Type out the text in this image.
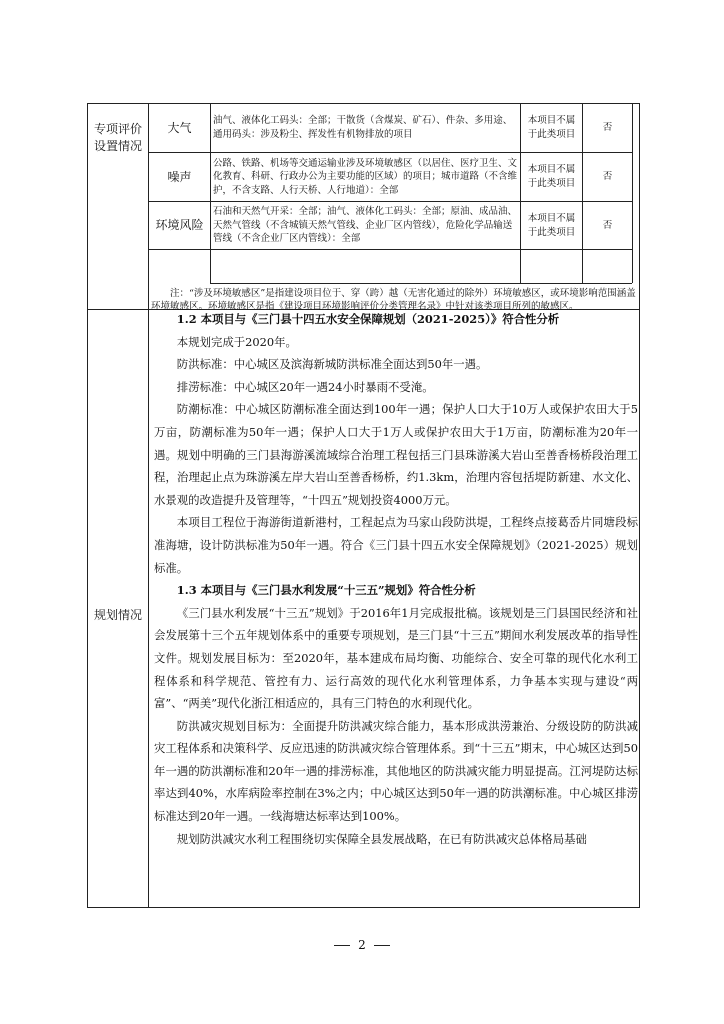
专项评价设置情况
规划情况
大气 油气、液体化工码头：全部；干散货（含煤炭、矿石）、件杂、多用途、通用码头：涉及粉尘、挥发性有机物排放的项目
本项目不属于此类项目
否
噪声
公路、铁路、机场等交通运输业涉及环境敏感区（以居住、医疗卫生、文化教育、科研、行政办公为主要功能的区域）的项目；城市道路（不含维护，不含支路、人行天桥、人行地道）：全部
本项目不属于此类项目
否
环境风险
石油和天然气开采：全部；油气、液体化工码头：全部；原油、成品油、天然气管线（不含城镇天然气管线、企业厂区内管线），危险化学品输送管线（不含企业厂区内管线）：全部
本项目不属于此类项目
否
注：“涉及环境敏感区”是指建设项目位于、穿（跨）越（无害化通过的除外）环境敏感区，或环境影响范围涵盖环境敏感区。环境敏感区是指《建设项目环境影响评价分类管理名录》中针对该类项目所列的敏感区。

1.2 本项目与《三门县十四五水安全保障规划（2021-2025）》符合性分析

本规划完成于2020年。

防洪标准：中心城区及滨海新城防洪标准全面达到50年一遇。

排涝标准：中心城区20年一遇24小时暴雨不受淹。

防潮标准：中心城区防潮标准全面达到100年一遇；保护人口大于10万人或保护农田大于5万亩，防潮标准为50年一遇；保护人口大于1万人或保护农田大于1万亩，防潮标准为20年一遇。规划中明确的三门县海游溪流域综合治理工程包括三门县珠游溪大岩山至善香杨桥段治理工程，治理起止点为珠游溪左岸大岩山至善香杨桥，约1.3km，治理内容包括堤防新建、水文化、水景观的改造提升及管理等，“十四五”规划投资4000万元。

本项目工程位于海游街道新港村，工程起点为马家山段防洪堤，工程终点接葛岙片同塘段标准海塘，设计防洪标准为50年一遇。符合《三门县十四五水安全保障规划》（2021-2025）规划标准。

1.3 本项目与《三门县水利发展“十三五”规划》符合性分析

《三门县水利发展“十三五”规划》于2016年1月完成报批稿。该规划是三门县国民经济和社会发展第十三个五年规划体系中的重要专项规划，是三门县“十三五”期间水利发展改革的指导性文件。规划发展目标为：至2020年，基本建成布局均衡、功能综合、安全可靠的现代化水利工程体系和科学规范、管控有力、运行高效的现代化水利管理体系，力争基本实现与建设“两富”、“两美”现代化浙江相适应的，具有三门特色的水利现代化。

防洪减灾规划目标为：全面提升防洪减灾综合能力，基本形成洪涝兼治、分级设防的防洪减灾工程体系和决策科学、反应迅速的防洪减灾综合管理体系。到“十三五”期末，中心城区达到50年一遇的防洪潮标准和20年一遇的排涝标准，其他地区的防洪减灾能力明显提高。江河堤防达标率达到40%，水库病险率控制在3%之内；中心城区达到50年一遇的防洪潮标准。中心城区排涝标准达到20年一遇。一线海塘达标率达到100%。

规划防洪减灾水利工程围绕切实保障全县发展战略，在已有防洪减灾总体格局基础

2
